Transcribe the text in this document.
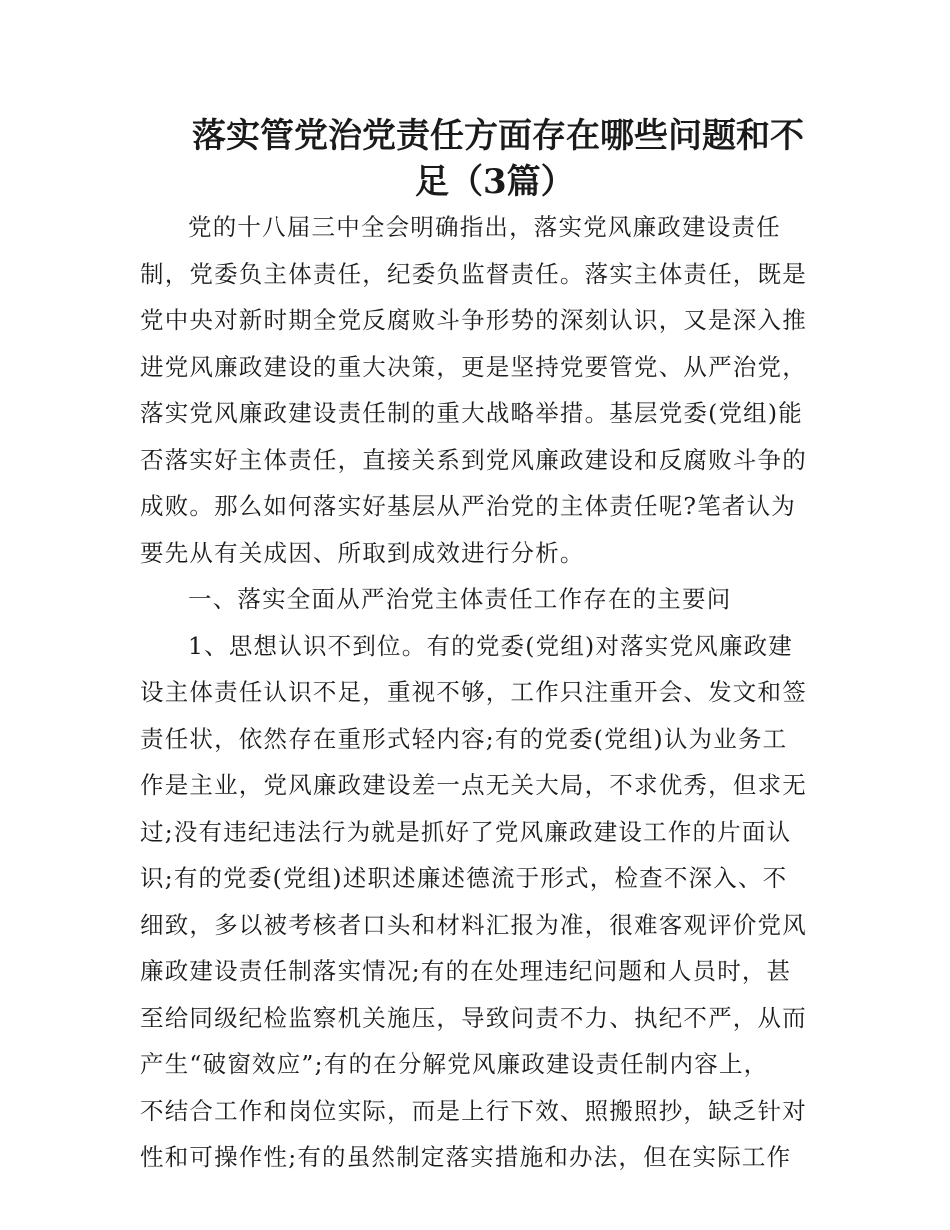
落实管党治党责任方面存在哪些问题和不
足（3篇）
党的十八届三中全会明确指出，落实党风廉政建设责任
制，党委负主体责任，纪委负监督责任。落实主体责任，既是
党中央对新时期全党反腐败斗争形势的深刻认识，又是深入推
进党风廉政建设的重大决策，更是坚持党要管党、从严治党，
落实党风廉政建设责任制的重大战略举措。基层党委(党组)能
否落实好主体责任，直接关系到党风廉政建设和反腐败斗争的
成败。那么如何落实好基层从严治党的主体责任呢?笔者认为
要先从有关成因、所取到成效进行分析。
一、落实全面从严治党主体责任工作存在的主要问
1、思想认识不到位。有的党委(党组)对落实党风廉政建
设主体责任认识不足，重视不够，工作只注重开会、发文和签
责任状，依然存在重形式轻内容;有的党委(党组)认为业务工
作是主业，党风廉政建设差一点无关大局，不求优秀，但求无
过;没有违纪违法行为就是抓好了党风廉政建设工作的片面认
识;有的党委(党组)述职述廉述德流于形式，检查不深入、不
细致，多以被考核者口头和材料汇报为准，很难客观评价党风
廉政建设责任制落实情况;有的在处理违纪问题和人员时，甚
至给同级纪检监察机关施压，导致问责不力、执纪不严，从而
产生“破窗效应”;有的在分解党风廉政建设责任制内容上，
不结合工作和岗位实际，而是上行下效、照搬照抄，缺乏针对
性和可操作性;有的虽然制定落实措施和办法，但在实际工作
